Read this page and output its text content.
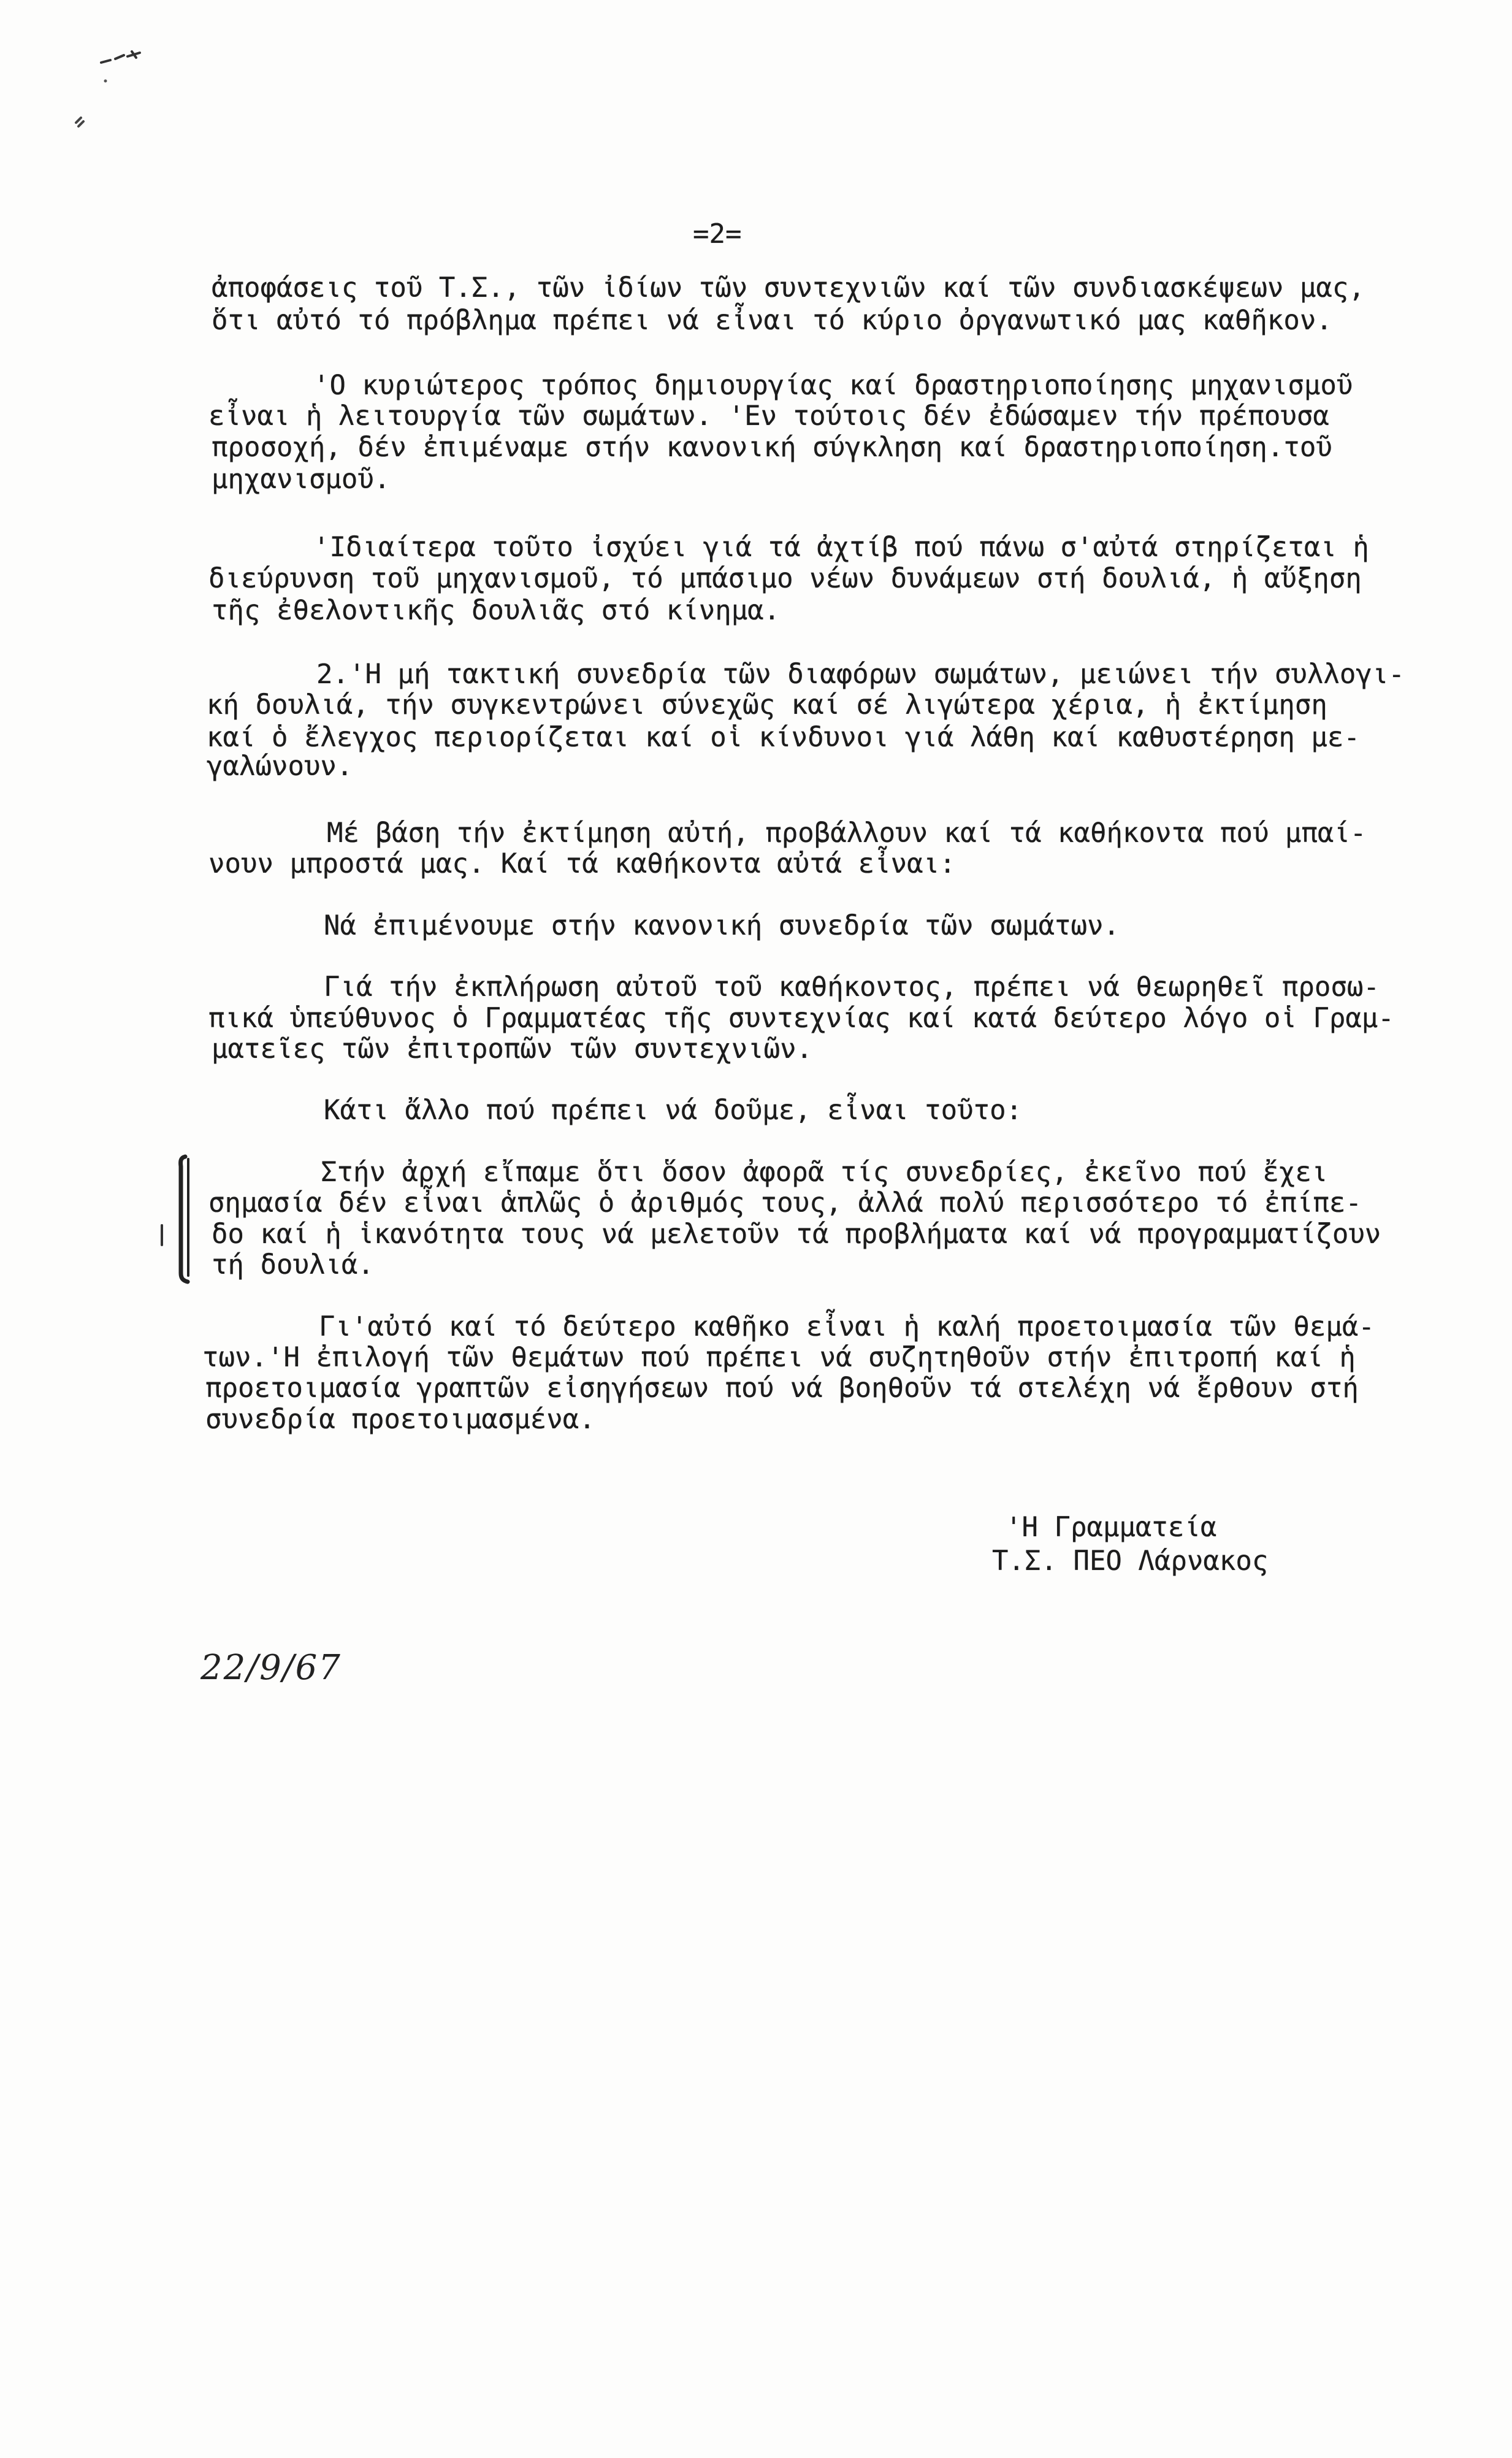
=2=
ἀποφάσεις τοῦ Τ.Σ., τῶν ἰδίων τῶν συντεχνιῶν καί τῶν συνδιασκέψεων μας,
ὅτι αὐτό τό πρόβλημα πρέπει νά εἶναι τό κύριο ὀργανωτικό μας καθῆκον.
'Ο κυριώτερος τρόπος δημιουργίας καί δραστηριοποίησης μηχανισμοῦ
εἶναι ἡ λειτουργία τῶν σωμάτων. 'Εν τούτοις δέν ἐδώσαμεν τήν πρέπουσα
προσοχή, δέν ἐπιμέναμε στήν κανονική σύγκληση καί δραστηριοποίηση.τοῦ
μηχανισμοῦ.
'Ιδιαίτερα τοῦτο ἰσχύει γιά τά ἀχτίβ πού πάνω σ'αὐτά στηρίζεται ἡ
διεύρυνση τοῦ μηχανισμοῦ, τό μπάσιμο νέων δυνάμεων στή δουλιά, ἡ αὔξηση
τῆς ἐθελοντικῆς δουλιᾶς στό κίνημα.
2.'Η μή τακτική συνεδρία τῶν διαφόρων σωμάτων, μειώνει τήν συλλογι-
κή δουλιά, τήν συγκεντρώνει σύνεχῶς καί σέ λιγώτερα χέρια, ἡ ἐκτίμηση
καί ὁ ἔλεγχος περιορίζεται καί οἱ κίνδυνοι γιά λάθη καί καθυστέρηση με-
γαλώνουν.
Μέ βάση τήν ἐκτίμηση αὐτή, προβάλλουν καί τά καθήκοντα πού μπαί-
νουν μπροστά μας. Καί τά καθήκοντα αὐτά εἶναι:
Νά ἐπιμένουμε στήν κανονική συνεδρία τῶν σωμάτων.
Γιά τήν ἐκπλήρωση αὐτοῦ τοῦ καθήκοντος, πρέπει νά θεωρηθεῖ προσω-
πικά ὑπεύθυνος ὁ Γραμματέας τῆς συντεχνίας καί κατά δεύτερο λόγο οἱ Γραμ-
ματεῖες τῶν ἐπιτροπῶν τῶν συντεχνιῶν.
Κάτι ἄλλο πού πρέπει νά δοῦμε, εἶναι τοῦτο:
Στήν ἀρχή εἴπαμε ὅτι ὅσον ἀφορᾶ τίς συνεδρίες, ἐκεῖνο πού ἔχει
σημασία δέν εἶναι ἁπλῶς ὁ ἀριθμός τους, ἀλλά πολύ περισσότερο τό ἐπίπε-
δο καί ἡ ἱκανότητα τους νά μελετοῦν τά προβλήματα καί νά προγραμματίζουν
τή δουλιά.
Γι'αὐτό καί τό δεύτερο καθῆκο εἶναι ἡ καλή προετοιμασία τῶν θεμά-
των.'Η ἐπιλογή τῶν θεμάτων πού πρέπει νά συζητηθοῦν στήν ἐπιτροπή καί ἡ
προετοιμασία γραπτῶν εἰσηγήσεων πού νά βοηθοῦν τά στελέχη νά ἔρθουν στή
συνεδρία προετοιμασμένα.
'Η Γραμματεία
Τ.Σ. ΠΕΟ Λάρνακος
22/9/67
